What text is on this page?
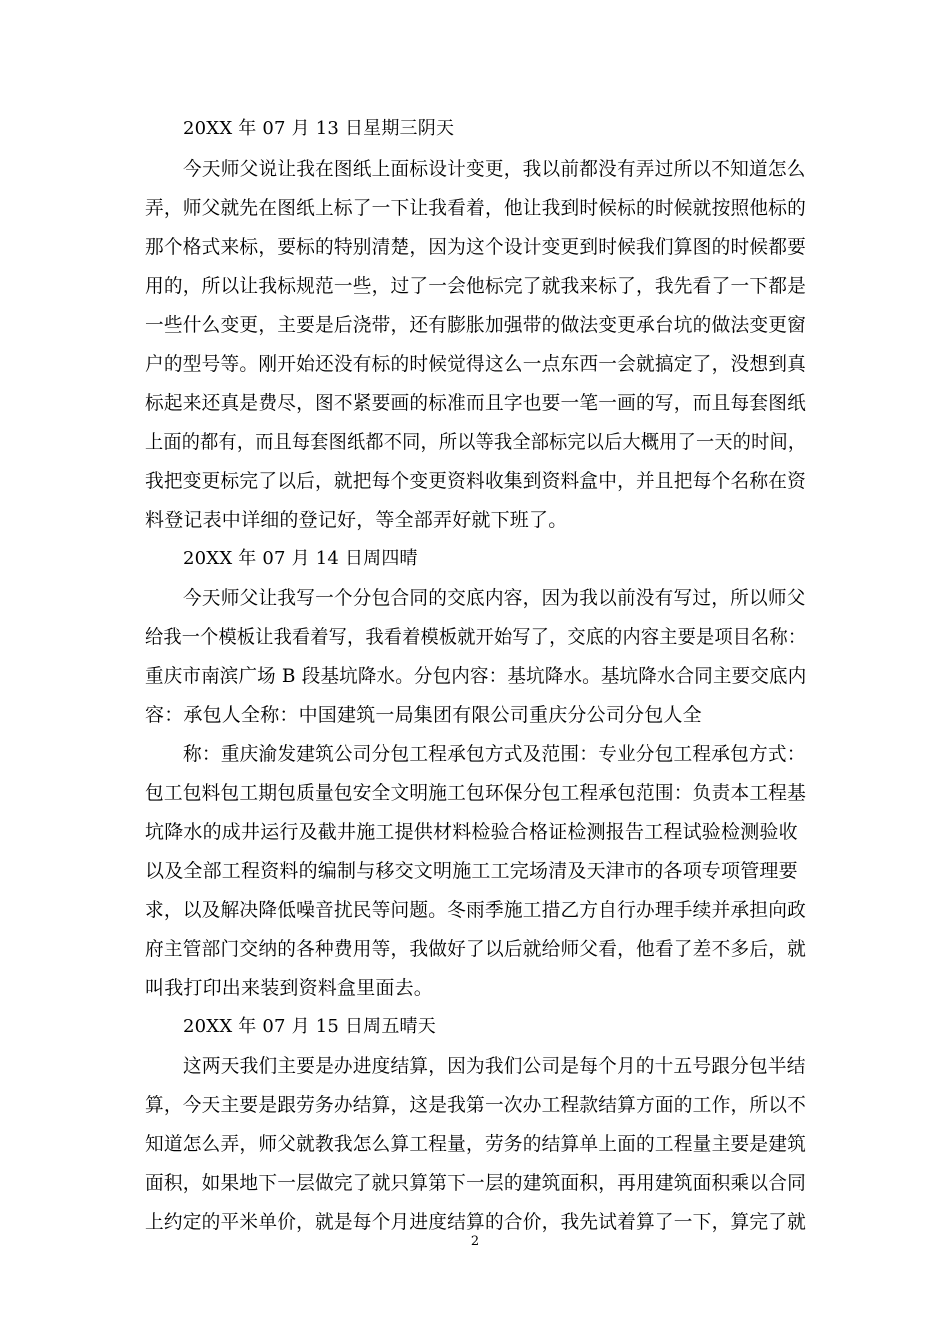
20XX 年 07 月 13 日星期三阴天
今天师父说让我在图纸上面标设计变更，我以前都没有弄过所以不知道怎么
弄，师父就先在图纸上标了一下让我看着，他让我到时候标的时候就按照他标的
那个格式来标，要标的特别清楚，因为这个设计变更到时候我们算图的时候都要
用的，所以让我标规范一些，过了一会他标完了就我来标了，我先看了一下都是
一些什么变更，主要是后浇带，还有膨胀加强带的做法变更承台坑的做法变更窗
户的型号等。刚开始还没有标的时候觉得这么一点东西一会就搞定了，没想到真
标起来还真是费尽，图不紧要画的标准而且字也要一笔一画的写，而且每套图纸
上面的都有，而且每套图纸都不同，所以等我全部标完以后大概用了一天的时间，
我把变更标完了以后，就把每个变更资料收集到资料盒中，并且把每个名称在资
料登记表中详细的登记好，等全部弄好就下班了。
20XX 年 07 月 14 日周四晴
今天师父让我写一个分包合同的交底内容，因为我以前没有写过，所以师父
给我一个模板让我看着写，我看着模板就开始写了，交底的内容主要是项目名称：
重庆市南滨广场 B 段基坑降水。分包内容：基坑降水。基坑降水合同主要交底内
容：承包人全称：中国建筑一局集团有限公司重庆分公司分包人全
称：重庆渝发建筑公司分包工程承包方式及范围：专业分包工程承包方式：
包工包料包工期包质量包安全文明施工包环保分包工程承包范围：负责本工程基
坑降水的成井运行及截井施工提供材料检验合格证检测报告工程试验检测验收
以及全部工程资料的编制与移交文明施工工完场清及天津市的各项专项管理要
求，以及解决降低噪音扰民等问题。冬雨季施工措乙方自行办理手续并承担向政
府主管部门交纳的各种费用等，我做好了以后就给师父看，他看了差不多后，就
叫我打印出来装到资料盒里面去。
20XX 年 07 月 15 日周五晴天
这两天我们主要是办进度结算，因为我们公司是每个月的十五号跟分包半结
算，今天主要是跟劳务办结算，这是我第一次办工程款结算方面的工作，所以不
知道怎么弄，师父就教我怎么算工程量，劳务的结算单上面的工程量主要是建筑
面积，如果地下一层做完了就只算第下一层的建筑面积，再用建筑面积乘以合同
上约定的平米单价，就是每个月进度结算的合价，我先试着算了一下，算完了就
2
